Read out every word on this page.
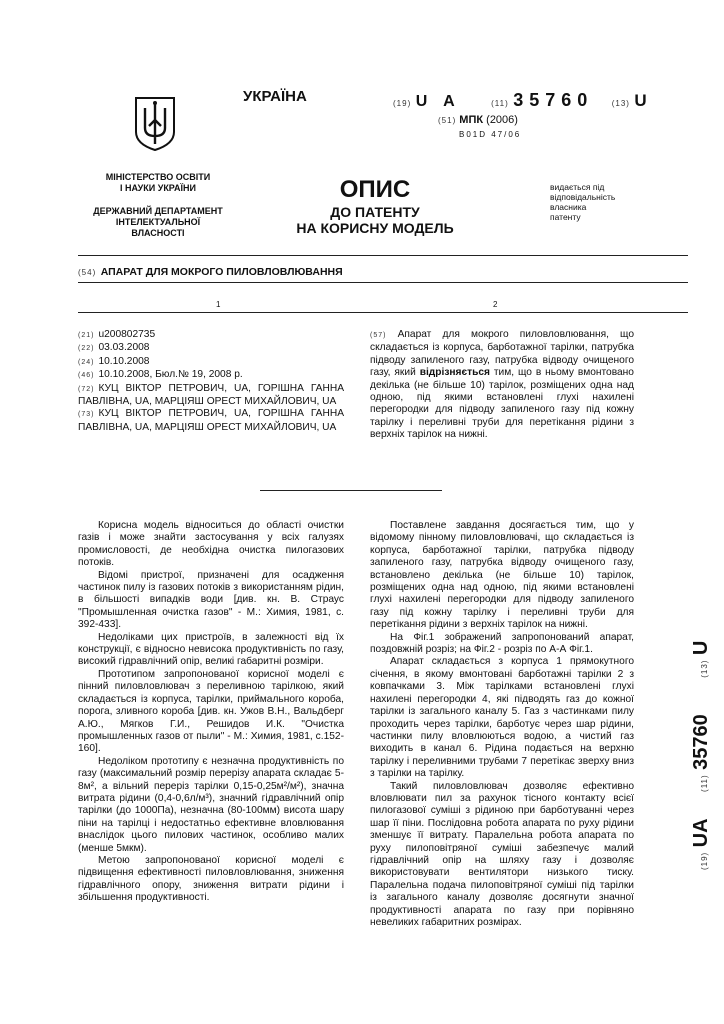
УКРАЇНА	(19) U A	(11) 35760 (13) U
(51) МПК (2006)
B01D 47/06
МІНІСТЕРСТВО ОСВІТИ
І НАУКИ УКРАЇНИ
ДЕРЖАВНИЙ ДЕПАРТАМЕНТ
ІНТЕЛЕКТУАЛЬНОЇ
ВЛАСНОСТІ
ОПИС
ДО ПАТЕНТУ
НА КОРИСНУ МОДЕЛЬ
видається під
відповідальність
власника
патенту
(54) АПАРАТ ДЛЯ МОКРОГО ПИЛОВЛОВЛЮВАННЯ
1	2
(21) u200802735
(22) 03.03.2008
(24) 10.10.2008
(46) 10.10.2008, Бюл.№ 19, 2008 р.
(72) КУЦ ВІКТОР ПЕТРОВИЧ, UA, ГОРІШНА ГАННА ПАВЛІВНА, UA, МАРЦІЯШ ОРЕСТ МИХАЙЛОВИЧ, UA
(73) КУЦ ВІКТОР ПЕТРОВИЧ, UA, ГОРІШНА ГАННА ПАВЛІВНА, UA, МАРЦІЯШ ОРЕСТ МИХАЙЛОВИЧ, UA
(57) Апарат для мокрого пиловловлювання, що складається із корпуса, барботажної тарілки, патрубка підводу запиленого газу, патрубка відводу очищеного газу, який відрізняється тим, що в ньому вмонтовано декілька (не більше 10) тарілок, розміщених одна над одною, під якими встановлені глухі нахилені перегородки для підводу запиленого газу під кожну тарілку і переливні труби для перетікання рідини з верхніх тарілок на нижні.

Корисна модель відноситься до області очистки газів і може знайти застосування у всіх галузях промисловості, де необхідна очистка пилогазових потоків.

Відомі пристрої, призначені для осадження частинок пилу із газових потоків з використанням рідин, в більшості випадків води [див. кн. В. Страус "Промышленная очистка газов" - М.: Химия, 1981, с. 392-433].

Недоліками цих пристроїв, в залежності від їх конструкції, є відносно невисока продуктивність по газу, високий гідравлічний опір, великі габаритні розміри.

Прототипом запропонованої корисної моделі є пінний пиловловлювач з переливною тарілкою, який складається із корпуса, тарілки, приймального короба, порога, зливного короба [див. кн. Ужов В.Н., Вальдберг А.Ю., Мягков Г.И., Решидов И.К. "Очистка промышленных газов от пыли" - М.: Химия, 1981, с.152-160].

Недоліком прототипу є незначна продуктивність по газу (максимальний розмір перерізу апарата складає 5-8м², а вільний переріз тарілки 0,15-0,25м²/м²), значна витрата рідини (0,4-0,6л/м³), значний гідравлічний опір тарілки (до 1000Па), незначна (80-100мм) висота шару піни на тарілці і недостатньо ефективне вловлювання внаслідок цього пилових частинок, особливо малих (менше 5мкм).

Метою запропонованої корисної моделі є підвищення ефективності пиловловлювання, зниження гідравлічного опору, зниження витрати рідини і збільшення продуктивності.

Поставлене завдання досягається тим, що у відомому пінному пиловловлювачі, що складається із корпуса, барботажної тарілки, патрубка підводу запиленого газу, патрубка відводу очищеного газу, встановлено декілька (не більше 10) тарілок, розміщених одна над одною, під якими встановлені глухі нахилені перегородки для підводу запиленого газу під кожну тарілку і переливні труби для перетікання рідини з верхніх тарілок на нижні.

На Фіг.1 зображений запропонований апарат, поздовжній розріз; на Фіг.2 - розріз по А-А Фіг.1.

Апарат складається з корпуса 1 прямокутного січення, в якому вмонтовані барботажні тарілки 2 з ковпачками 3. Між тарілками встановлені глухі нахилені перегородки 4, які підводять газ до кожної тарілки із загального каналу 5. Газ з частинками пилу проходить через тарілки, барботує через шар рідини, частинки пилу вловлюються водою, а чистий газ виходить в канал 6. Рідина подається на верхню тарілку і переливними трубами 7 перетікає зверху вниз з тарілки на тарілку.

Такий пиловловлювач дозволяє ефективно вловлювати пил за рахунок тісного контакту всієї пилогазової суміші з рідиною при барботуванні через шар її піни. Послідовна робота апарата по руху рідини зменшує її витрату. Паралельна робота апарата по руху пилоповітряної суміші забезпечує малий гідравлічний опір на шляху газу і дозволяє використовувати вентилятори низького тиску. Паралельна подача пилоповітряної суміші під тарілки із загального каналу дозволяє досягнути значної продуктивності апарата по газу при порівняно невеликих габаритних розмірах.

(19) UA (11) 35760 (13) U
